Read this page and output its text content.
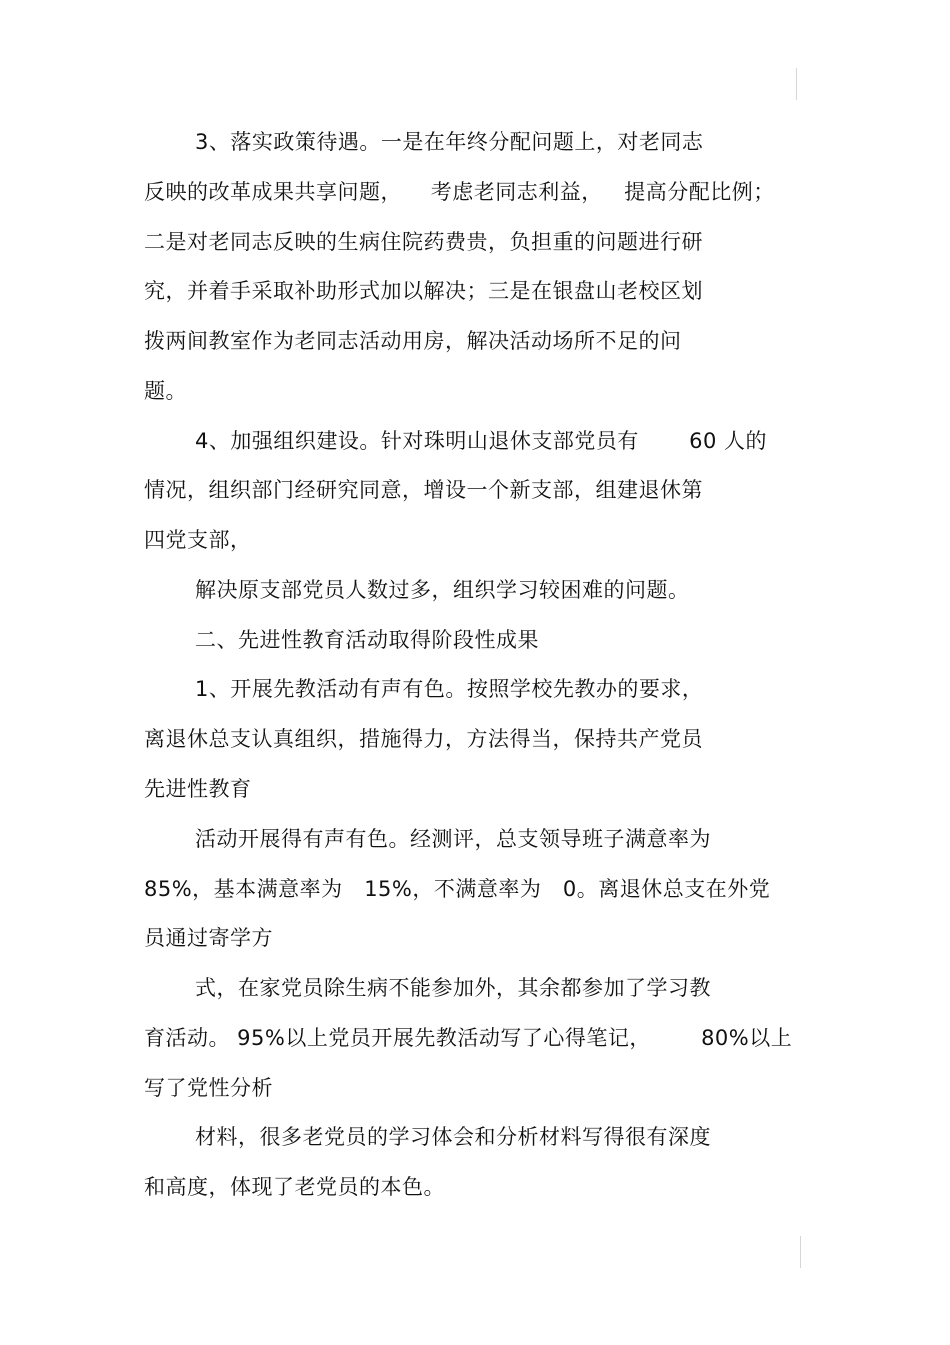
3、落实政策待遇。一是在年终分配问题上，对老同志

反映的改革成果共享问题，    考虑老同志利益，   提高分配比例；

二是对老同志反映的生病住院药费贵，负担重的问题进行研

究，并着手采取补助形式加以解决；三是在银盘山老校区划

拨两间教室作为老同志活动用房，解决活动场所不足的问

题。

4、加强组织建设。针对珠明山退休支部党员有       60 人的

情况，组织部门经研究同意，增设一个新支部，组建退休第

四党支部，

解决原支部党员人数过多，组织学习较困难的问题。

二、先进性教育活动取得阶段性成果

1、开展先教活动有声有色。按照学校先教办的要求，

离退休总支认真组织，措施得力，方法得当，保持共产党员

先进性教育

活动开展得有声有色。经测评，总支领导班子满意率为

85%，基本满意率为   15%，不满意率为   0。离退休总支在外党

员通过寄学方

式，在家党员除生病不能参加外，其余都参加了学习教

育活动。 95%以上党员开展先教活动写了心得笔记，       80%以上

写了党性分析

材料，很多老党员的学习体会和分析材料写得很有深度

和高度，体现了老党员的本色。
